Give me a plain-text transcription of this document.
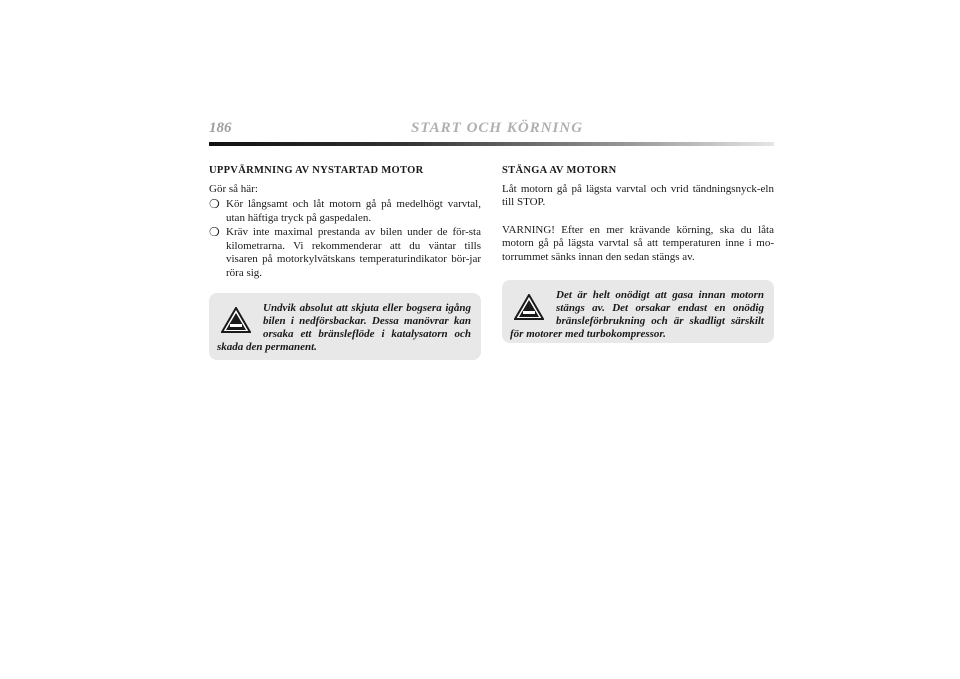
186	START OCH KÖRNING
UPPVÄRMNING AV NYSTARTAD MOTOR
Gör så här:
❍ Kör långsamt och låt motorn gå på medelhögt varvtal, utan häftiga tryck på gaspedalen.
❍ Kräv inte maximal prestanda av bilen under de för-sta kilometrarna. Vi rekommenderar att du väntar tills visaren på motorkylvätskans temperaturindikator bör-jar röra sig.
Undvik absolut att skjuta eller bogsera igång bilen i nedförsbackar. Dessa manövrar kan orsaka ett bränsleflöde i katalysatorn och skada den permanent.
STÄNGA AV MOTORN
Låt motorn gå på lägsta varvtal och vrid tändningsnyck-eln till STOP.
VARNING! Efter en mer krävande körning, ska du låta motorn gå på lägsta varvtal så att temperaturen inne i mo-torrummet sänks innan den sedan stängs av.
Det är helt onödigt att gasa innan motorn stängs av. Det orsakar endast en onödig bränsleförbrukning och är skadligt särskilt för motorer med turbokompressor.
